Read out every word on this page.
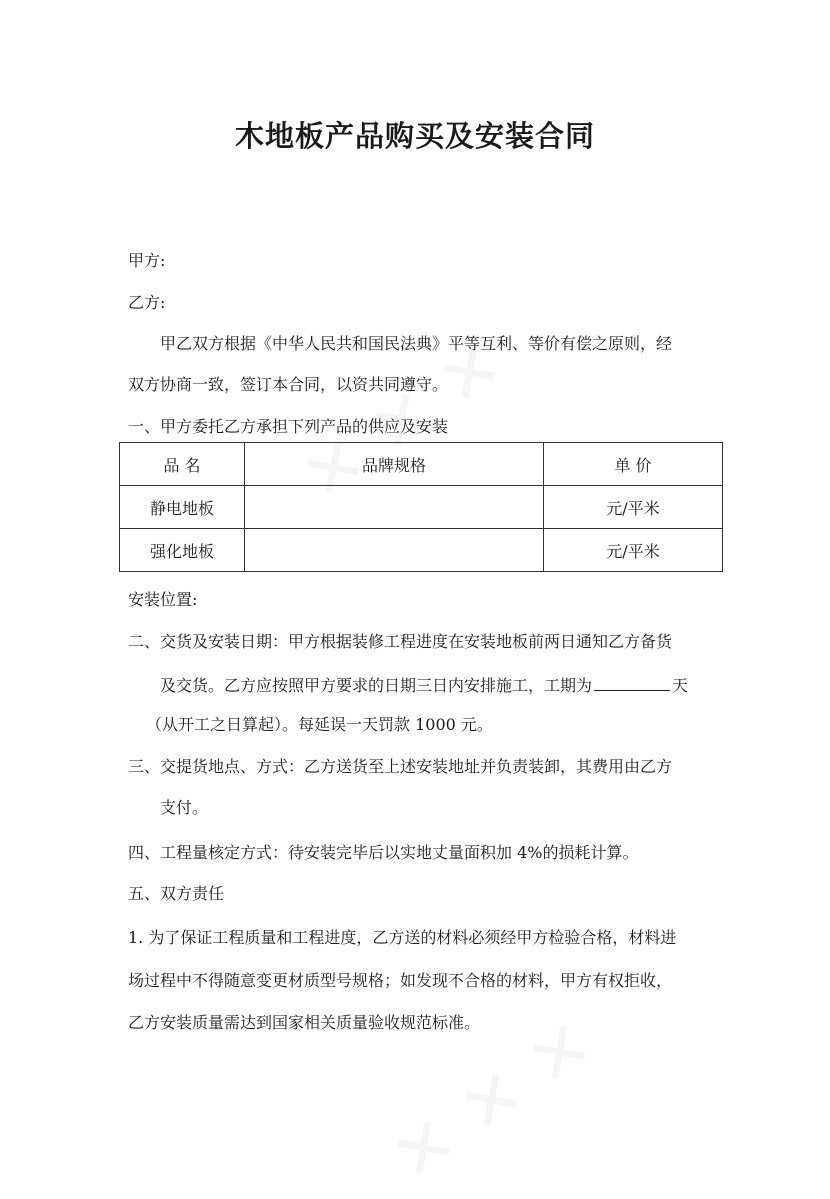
木地板产品购买及安装合同
甲方:
乙方:
甲乙双方根据《中华人民共和国民法典》平等互利、等价有偿之原则，经
双方协商一致，签订本合同，以资共同遵守。
一、甲方委托乙方承担下列产品的供应及安装
品 名	品牌规格	单 价
静电地板		元/平米
强化地板		元/平米
安装位置:
二、交货及安装日期：甲方根据装修工程进度在安装地板前两日通知乙方备货
及交货。乙方应按照甲方要求的日期三日内安排施工，工期为	天
（从开工之日算起）。每延误一天罚款 1000 元。
三、交提货地点、方式：乙方送货至上述安装地址并负责装卸，其费用由乙方
支付。
四、工程量核定方式：待安装完毕后以实地丈量面积加 4%的损耗计算。
五、双方责任
1. 为了保证工程质量和工程进度，乙方送的材料必须经甲方检验合格，材料进
场过程中不得随意变更材质型号规格；如发现不合格的材料，甲方有权拒收，
乙方安装质量需达到国家相关质量验收规范标准。
